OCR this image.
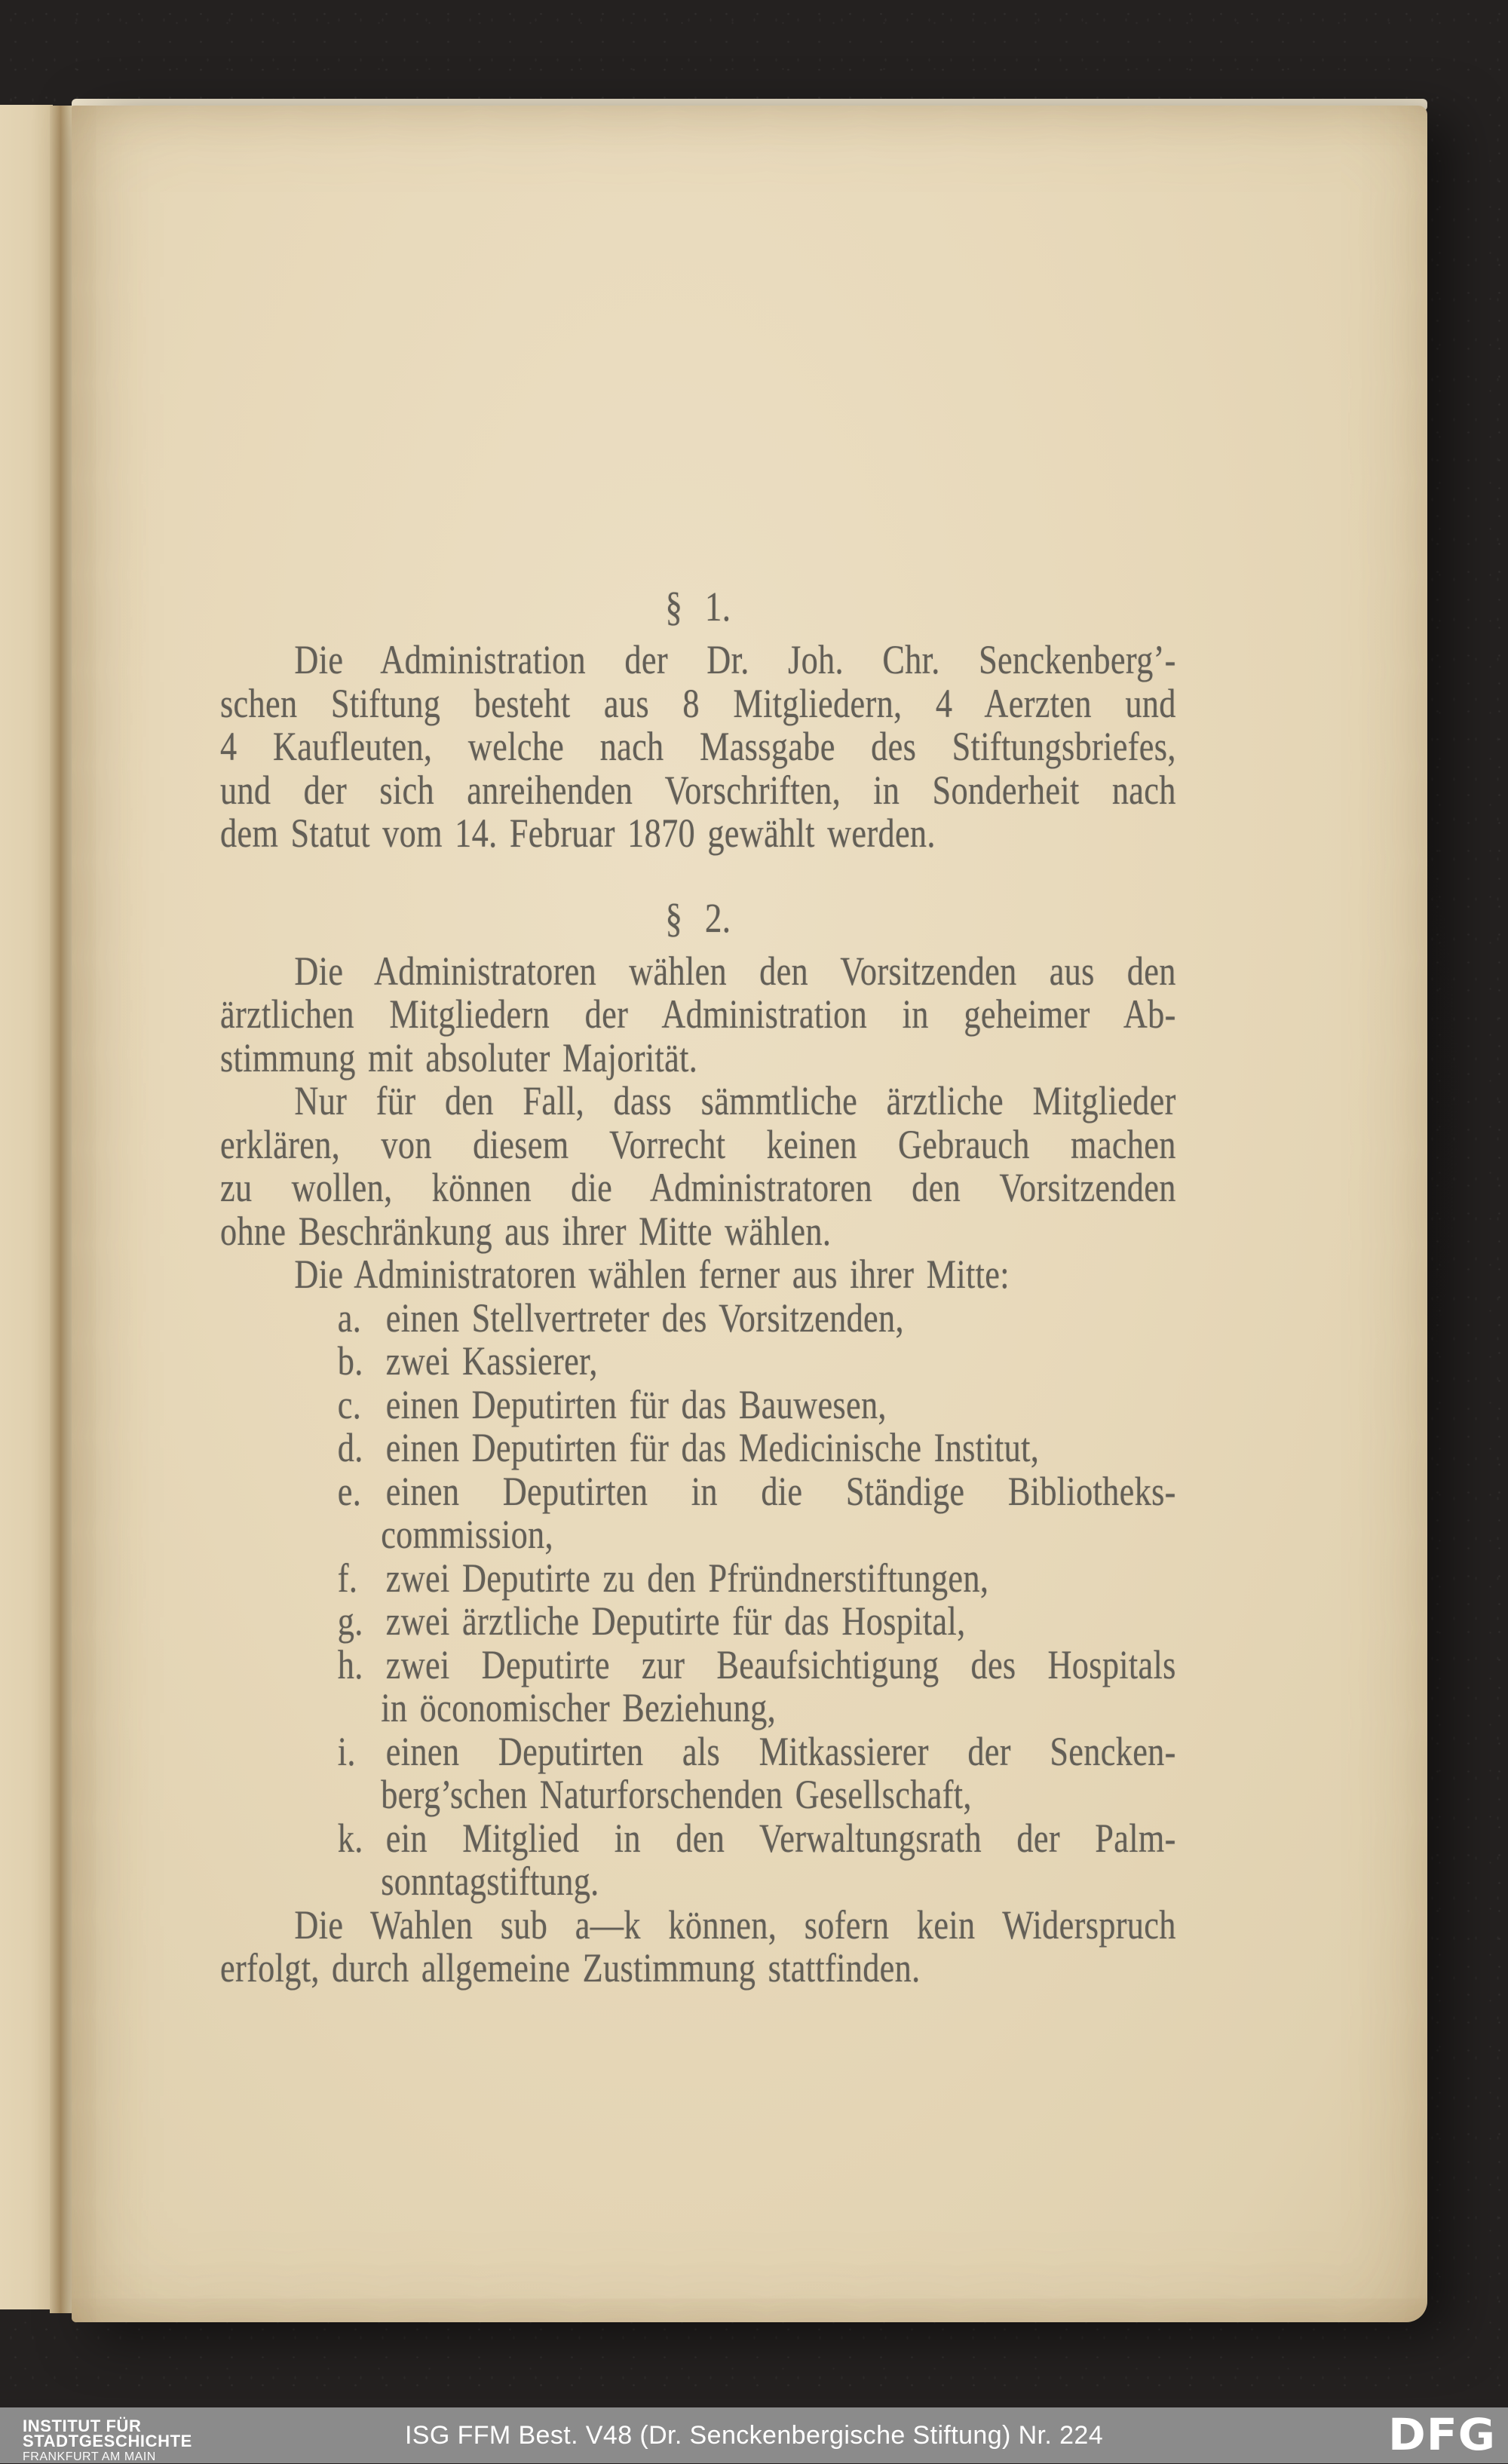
§ 1.
Die Administration der Dr. Joh. Chr. Senckenberg’-
schen Stiftung besteht aus 8 Mitgliedern, 4 Aerzten und
4 Kaufleuten, welche nach Massgabe des Stiftungsbriefes,
und der sich anreihenden Vorschriften, in Sonderheit nach
dem Statut vom 14. Februar 1870 gewählt werden.
§ 2.
Die Administratoren wählen den Vorsitzenden aus den
ärztlichen Mitgliedern der Administration in geheimer Ab-
stimmung mit absoluter Majorität.
Nur für den Fall, dass sämmtliche ärztliche Mitglieder
erklären, von diesem Vorrecht keinen Gebrauch machen
zu wollen, können die Administratoren den Vorsitzenden
ohne Beschränkung aus ihrer Mitte wählen.
Die Administratoren wählen ferner aus ihrer Mitte:
a. einen Stellvertreter des Vorsitzenden,
b. zwei Kassierer,
c. einen Deputirten für das Bauwesen,
d. einen Deputirten für das Medicinische Institut,
e. einen Deputirten in die Ständige Bibliotheks-
commission,
f. zwei Deputirte zu den Pfründnerstiftungen,
g. zwei ärztliche Deputirte für das Hospital,
h. zwei Deputirte zur Beaufsichtigung des Hospitals
in öconomischer Beziehung,
i. einen Deputirten als Mitkassierer der Sencken-
berg’schen Naturforschenden Gesellschaft,
k. ein Mitglied in den Verwaltungsrath der Palm-
sonntagstiftung.
Die Wahlen sub a—k können, sofern kein Widerspruch
erfolgt, durch allgemeine Zustimmung stattfinden.
INSTITUT FÜR
STADTGESCHICHTE
FRANKFURT AM MAIN
ISG FFM Best. V48 (Dr. Senckenbergische Stiftung) Nr. 224	DFG
